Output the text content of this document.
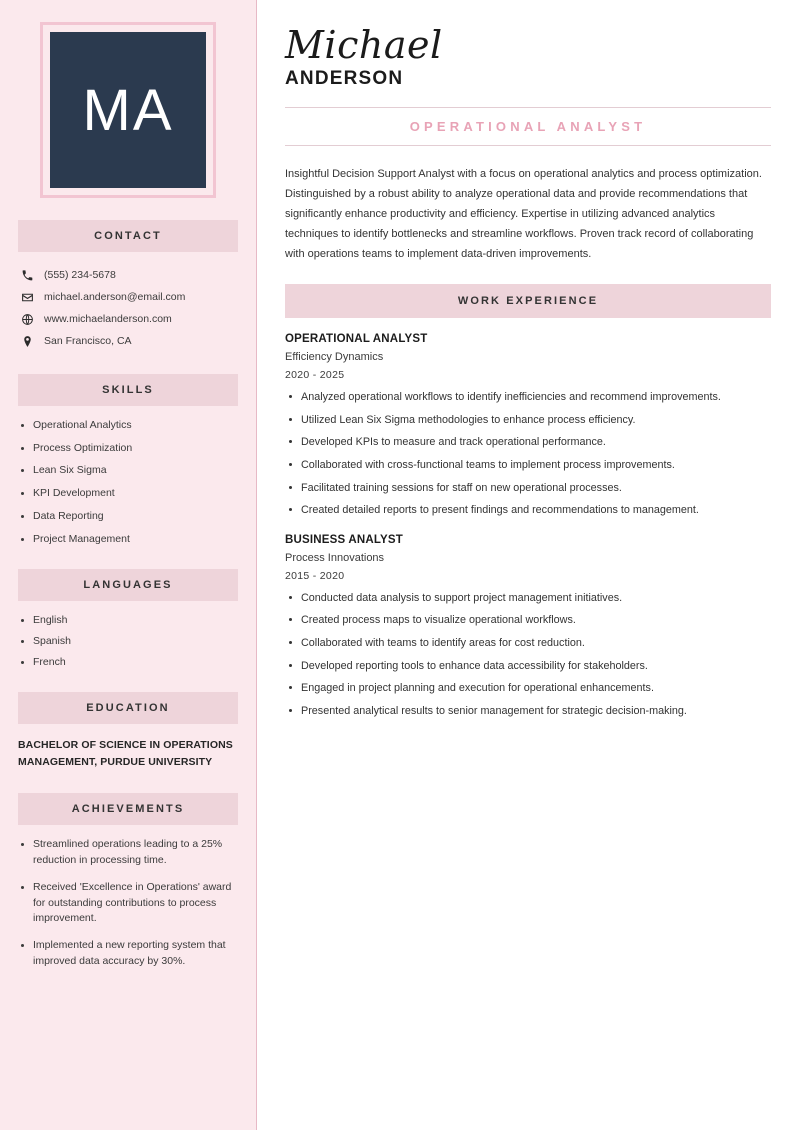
MA
CONTACT
(555) 234-5678
michael.anderson@email.com
www.michaelanderson.com
San Francisco, CA
SKILLS
Operational Analytics
Process Optimization
Lean Six Sigma
KPI Development
Data Reporting
Project Management
LANGUAGES
English
Spanish
French
EDUCATION
BACHELOR OF SCIENCE IN OPERATIONS MANAGEMENT, PURDUE UNIVERSITY
ACHIEVEMENTS
Streamlined operations leading to a 25% reduction in processing time.
Received 'Excellence in Operations' award for outstanding contributions to process improvement.
Implemented a new reporting system that improved data accuracy by 30%.
Michael
ANDERSON
OPERATIONAL ANALYST

Insightful Decision Support Analyst with a focus on operational analytics and process optimization. Distinguished by a robust ability to analyze operational data and provide recommendations that significantly enhance productivity and efficiency. Expertise in utilizing advanced analytics techniques to identify bottlenecks and streamline workflows. Proven track record of collaborating with operations teams to implement data-driven improvements.

WORK EXPERIENCE
OPERATIONAL ANALYST
Efficiency Dynamics
2020 - 2025
Analyzed operational workflows to identify inefficiencies and recommend improvements.
Utilized Lean Six Sigma methodologies to enhance process efficiency.
Developed KPIs to measure and track operational performance.
Collaborated with cross-functional teams to implement process improvements.
Facilitated training sessions for staff on new operational processes.
Created detailed reports to present findings and recommendations to management.
BUSINESS ANALYST
Process Innovations
2015 - 2020
Conducted data analysis to support project management initiatives.
Created process maps to visualize operational workflows.
Collaborated with teams to identify areas for cost reduction.
Developed reporting tools to enhance data accessibility for stakeholders.
Engaged in project planning and execution for operational enhancements.
Presented analytical results to senior management for strategic decision-making.
